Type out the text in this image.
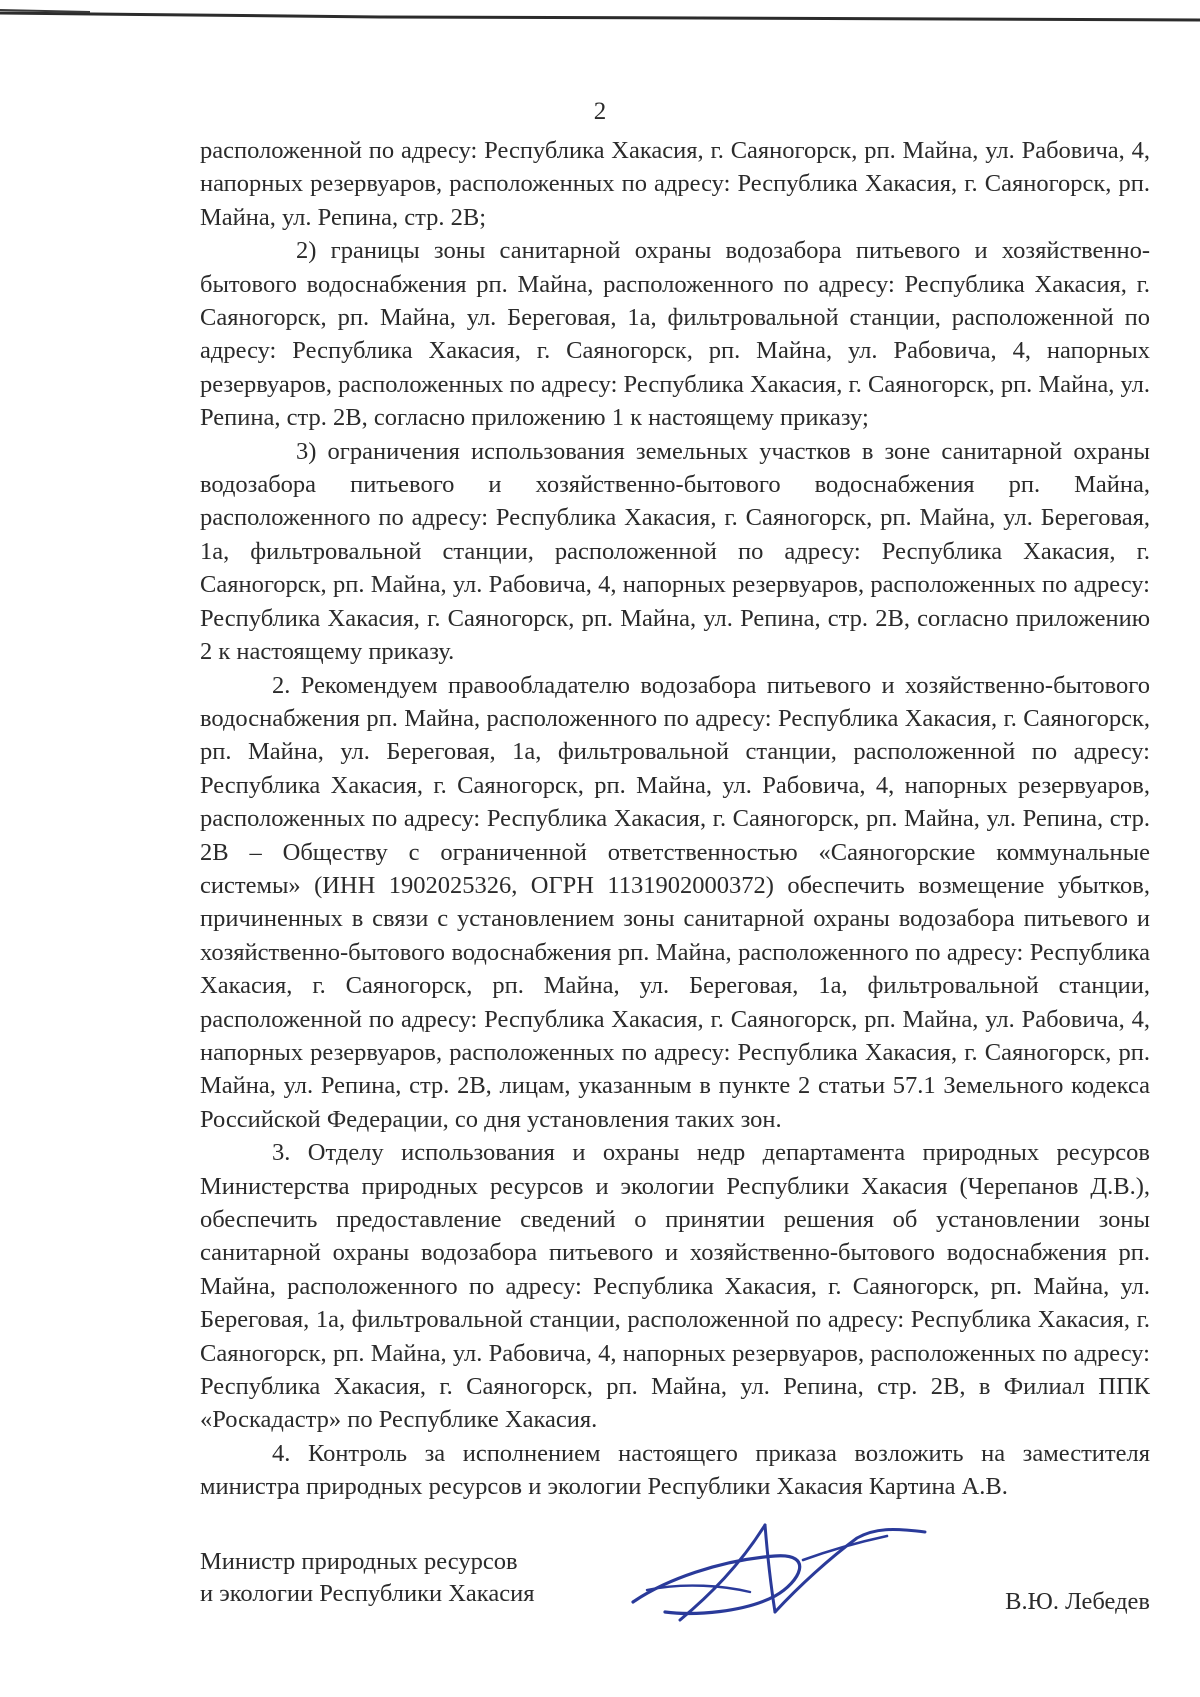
2

расположенной по адресу: Республика Хакасия, г. Саяногорск, рп. Майна, ул. Рабовича, 4, напорных резервуаров, расположенных по адресу: Республика Хакасия, г. Саяногорск, рп. Майна, ул. Репина, стр. 2В;

2) границы зоны санитарной охраны водозабора питьевого и хозяйственно-бытового водоснабжения рп. Майна, расположенного по адресу: Республика Хакасия, г. Саяногорск, рп. Майна, ул. Береговая, 1а, фильтровальной станции, расположенной по адресу: Республика Хакасия, г. Саяногорск, рп. Майна, ул. Рабовича, 4, напорных резервуаров, расположенных по адресу: Республика Хакасия, г. Саяногорск, рп. Майна, ул. Репина, стр. 2В, согласно приложению 1 к настоящему приказу;

3) ограничения использования земельных участков в зоне санитарной охраны водозабора питьевого и хозяйственно-бытового водоснабжения рп. Майна, расположенного по адресу: Республика Хакасия, г. Саяногорск, рп. Майна, ул. Береговая, 1а, фильтровальной станции, расположенной по адресу: Республика Хакасия, г. Саяногорск, рп. Майна, ул. Рабовича, 4, напорных резервуаров, расположенных по адресу: Республика Хакасия, г. Саяногорск, рп. Майна, ул. Репина, стр. 2В, согласно приложению 2 к настоящему приказу.

2. Рекомендуем правообладателю водозабора питьевого и хозяйственно-бытового водоснабжения рп. Майна, расположенного по адресу: Республика Хакасия, г. Саяногорск, рп. Майна, ул. Береговая, 1а, фильтровальной станции, расположенной по адресу: Республика Хакасия, г. Саяногорск, рп. Майна, ул. Рабовича, 4, напорных резервуаров, расположенных по адресу: Республика Хакасия, г. Саяногорск, рп. Майна, ул. Репина, стр. 2В – Обществу с ограниченной ответственностью «Саяногорские коммунальные системы» (ИНН 1902025326, ОГРН 1131902000372) обеспечить возмещение убытков, причиненных в связи с установлением зоны санитарной охраны водозабора питьевого и хозяйственно-бытового водоснабжения рп. Майна, расположенного по адресу: Республика Хакасия, г. Саяногорск, рп. Майна, ул. Береговая, 1а, фильтровальной станции, расположенной по адресу: Республика Хакасия, г. Саяногорск, рп. Майна, ул. Рабовича, 4, напорных резервуаров, расположенных по адресу: Республика Хакасия, г. Саяногорск, рп. Майна, ул. Репина, стр. 2В, лицам, указанным в пункте 2 статьи 57.1 Земельного кодекса Российской Федерации, со дня установления таких зон.

3. Отделу использования и охраны недр департамента природных ресурсов Министерства природных ресурсов и экологии Республики Хакасия (Черепанов Д.В.), обеспечить предоставление сведений о принятии решения об установлении зоны санитарной охраны водозабора питьевого и хозяйственно-бытового водоснабжения рп. Майна, расположенного по адресу: Республика Хакасия, г. Саяногорск, рп. Майна, ул. Береговая, 1а, фильтровальной станции, расположенной по адресу: Республика Хакасия, г. Саяногорск, рп. Майна, ул. Рабовича, 4, напорных резервуаров, расположенных по адресу: Республика Хакасия, г. Саяногорск, рп. Майна, ул. Репина, стр. 2В, в Филиал ППК «Роскадастр» по Республике Хакасия.

4. Контроль за исполнением настоящего приказа возложить на заместителя министра природных ресурсов и экологии Республики Хакасия Картина А.В.

Министр природных ресурсов
и экологии Республики Хакасия	В.Ю. Лебедев
